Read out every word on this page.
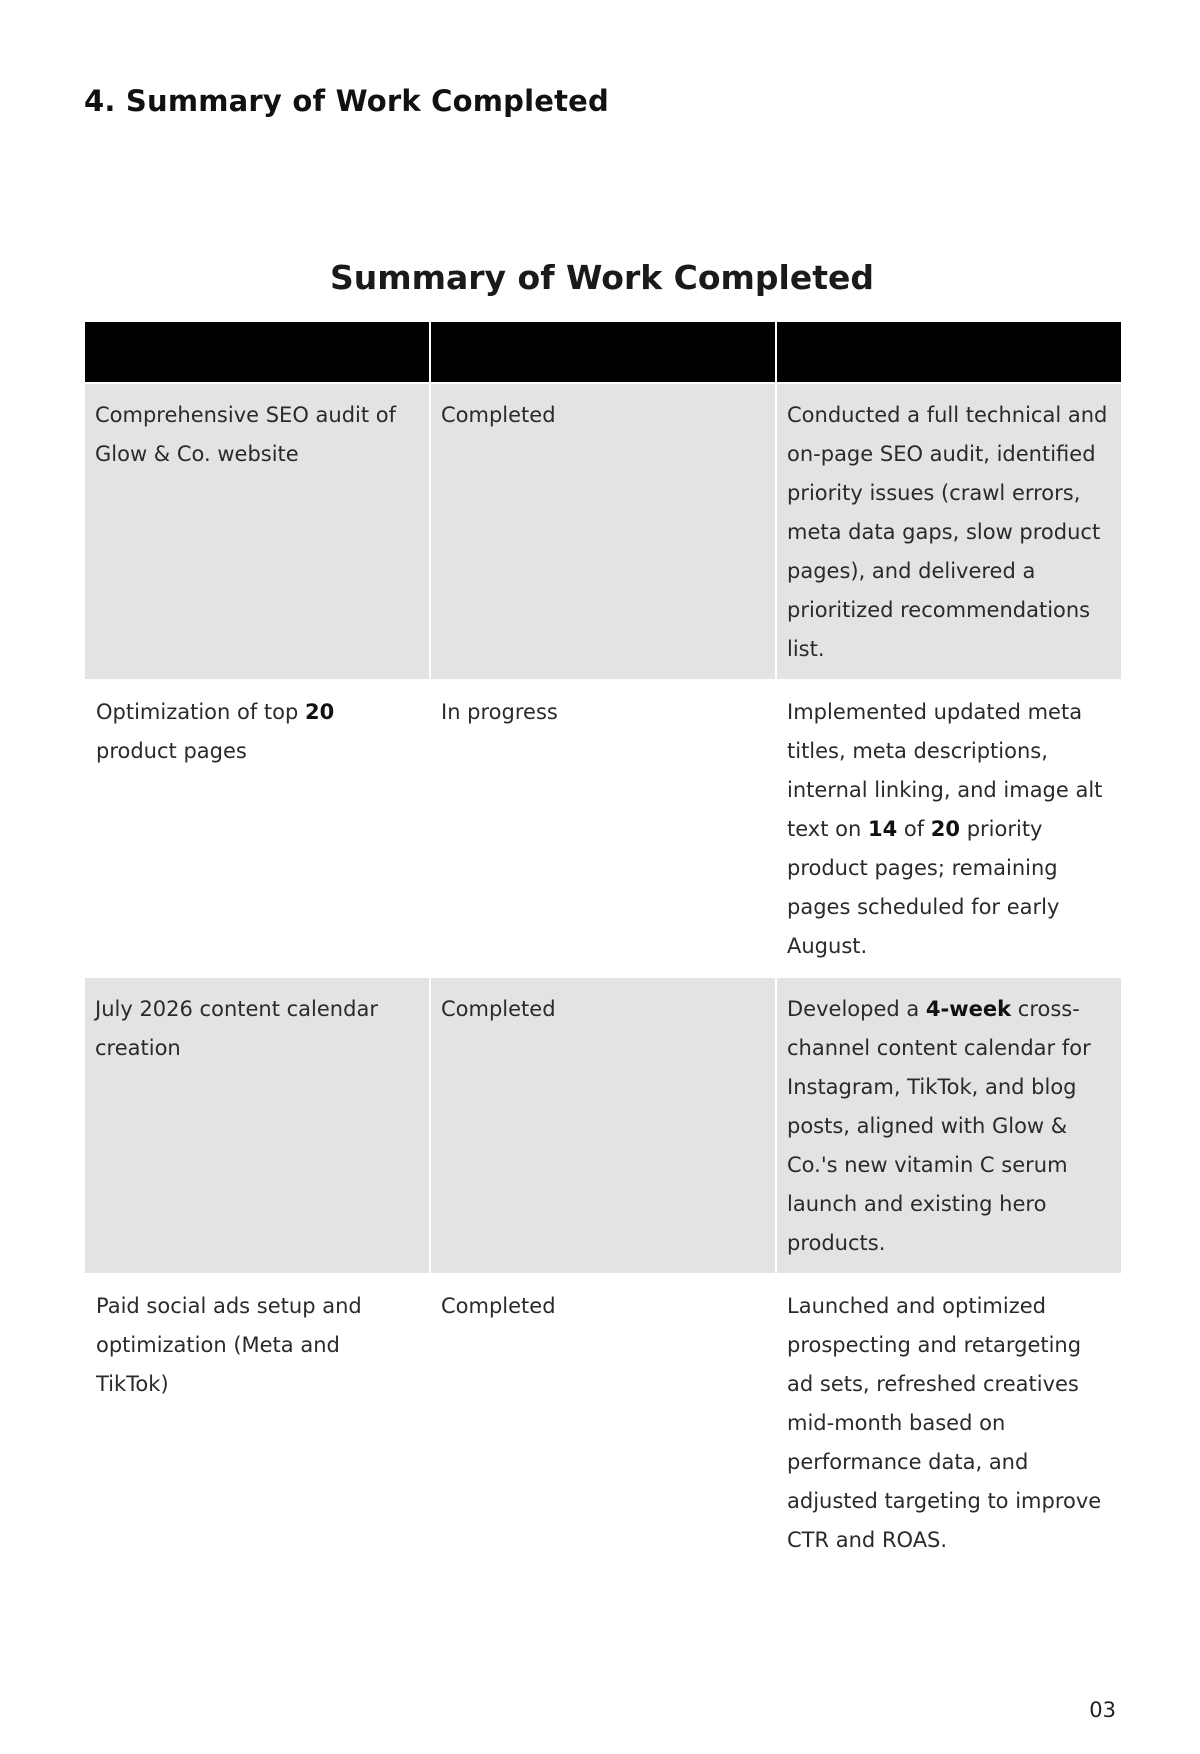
4. Summary of Work Completed
Summary of Work Completed

Comprehensive SEO audit of Glow & Co. website	Completed	Conducted a full technical and on-page SEO audit, identified priority issues (crawl errors, meta data gaps, slow product pages), and delivered a prioritized recommendations list.
Optimization of top 20 product pages	In progress	Implemented updated meta titles, meta descriptions, internal linking, and image alt text on 14 of 20 priority product pages; remaining pages scheduled for early August.
July 2026 content calendar creation	Completed	Developed a 4-week cross-channel content calendar for Instagram, TikTok, and blog posts, aligned with Glow & Co.'s new vitamin C serum launch and existing hero products.
Paid social ads setup and optimization (Meta and TikTok)	Completed	Launched and optimized prospecting and retargeting ad sets, refreshed creatives mid-month based on performance data, and adjusted targeting to improve CTR and ROAS.
03
